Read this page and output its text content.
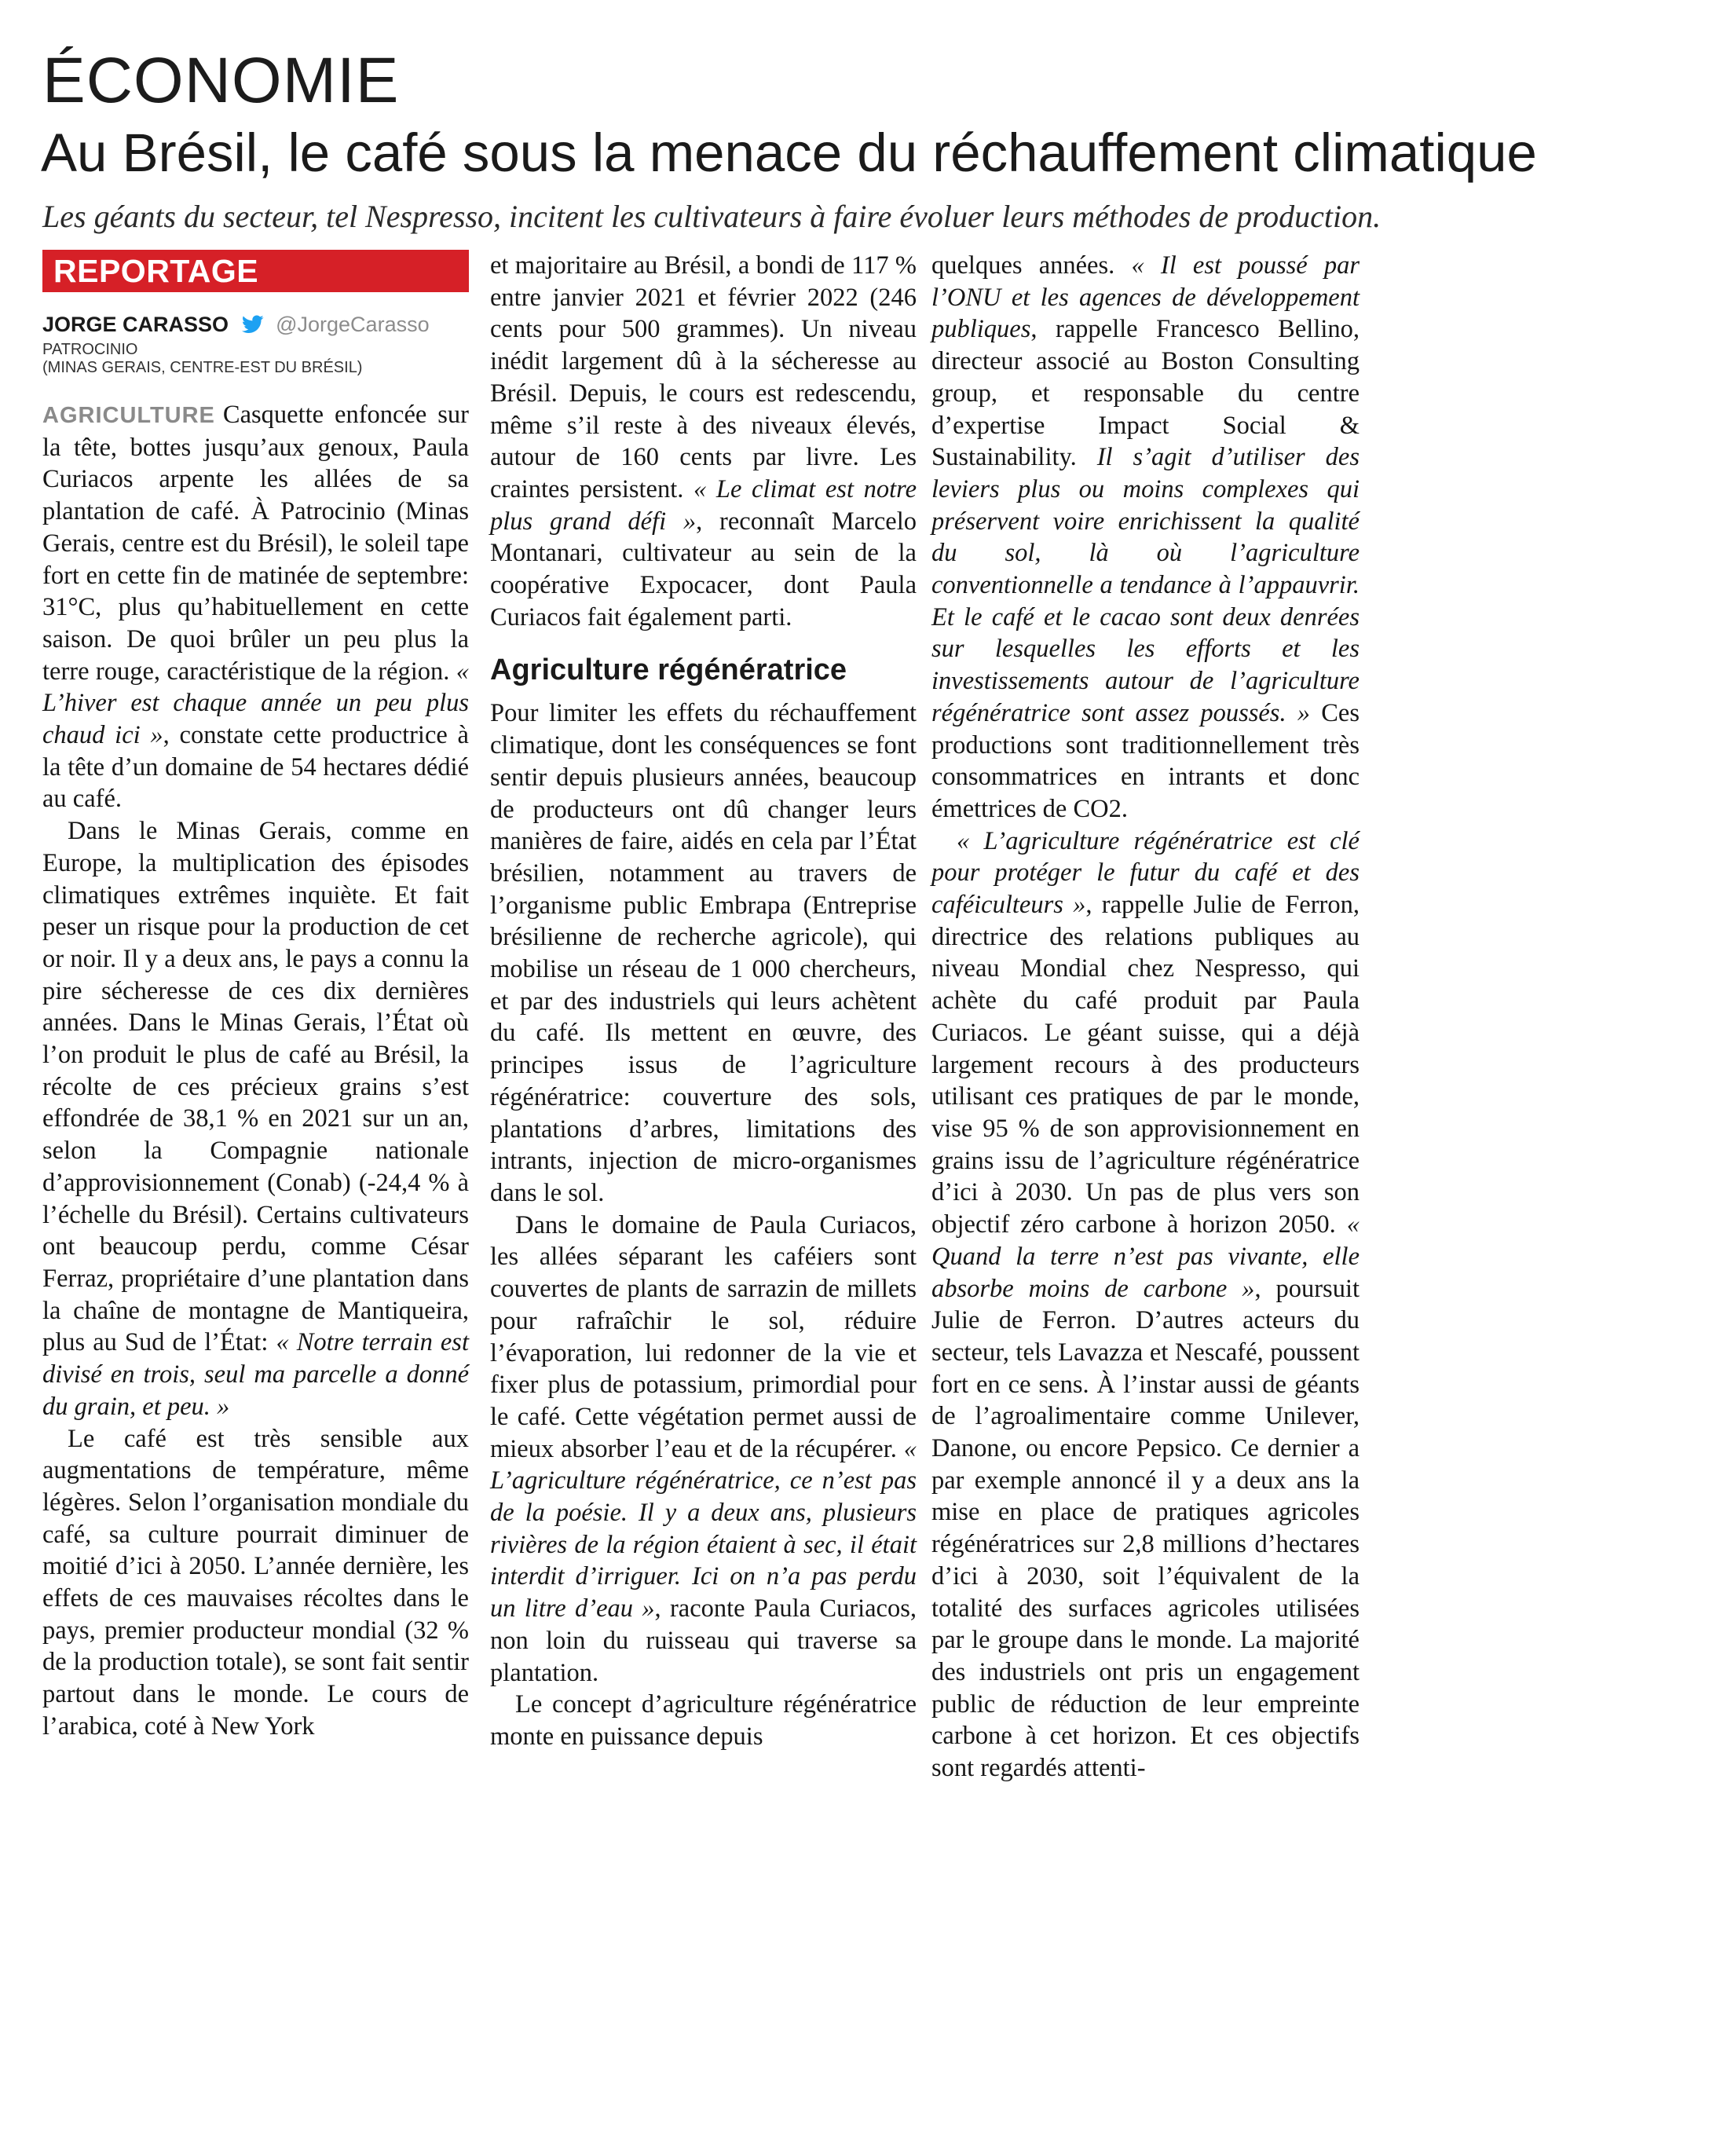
ÉCONOMIE
Au Brésil, le café sous la menace du réchauffement climatique

Les géants du secteur, tel Nespresso, incitent les cultivateurs à faire évoluer leurs méthodes de production.

REPORTAGE
JORGE CARASSO @JorgeCarasso
PATROCINIO
(MINAS GERAIS, CENTRE-EST DU BRÉSIL)

AGRICULTURE Casquette enfoncée sur la tête, bottes jusqu’aux genoux, Paula Curiacos arpente les allées de sa plantation de café. À Patrocinio (Minas Gerais, centre est du Brésil), le soleil tape fort en cette fin de matinée de septembre: 31°C, plus qu’habituellement en cette saison. De quoi brûler un peu plus la terre rouge, caractéristique de la région. « L’hiver est chaque année un peu plus chaud ici », constate cette productrice à la tête d’un domaine de 54 hectares dédié au café.

Dans le Minas Gerais, comme en Europe, la multiplication des épisodes climatiques extrêmes inquiète. Et fait peser un risque pour la production de cet or noir. Il y a deux ans, le pays a connu la pire sécheresse de ces dix dernières années. Dans le Minas Gerais, l’État où l’on produit le plus de café au Brésil, la récolte de ces précieux grains s’est effondrée de 38,1 % en 2021 sur un an, selon la Compagnie nationale d’approvisionnement (Conab) (-24,4 % à l’échelle du Brésil). Certains cultivateurs ont beaucoup perdu, comme César Ferraz, propriétaire d’une plantation dans la chaîne de montagne de Mantiqueira, plus au Sud de l’État: « Notre terrain est divisé en trois, seul ma parcelle a donné du grain, et peu. »

Le café est très sensible aux augmentations de température, même légères. Selon l’organisation mondiale du café, sa culture pourrait diminuer de moitié d’ici à 2050. L’année dernière, les effets de ces mauvaises récoltes dans le pays, premier producteur mondial (32 % de la production totale), se sont fait sentir partout dans le monde. Le cours de l’arabica, coté à New York

et majoritaire au Brésil, a bondi de 117 % entre janvier 2021 et février 2022 (246 cents pour 500 grammes). Un niveau inédit largement dû à la sécheresse au Brésil. Depuis, le cours est redescendu, même s’il reste à des niveaux élevés, autour de 160 cents par livre. Les craintes persistent. « Le climat est notre plus grand défi », reconnaît Marcelo Montanari, cultivateur au sein de la coopérative Expocacer, dont Paula Curiacos fait également parti.

Agriculture régénératrice

Pour limiter les effets du réchauffement climatique, dont les conséquences se font sentir depuis plusieurs années, beaucoup de producteurs ont dû changer leurs manières de faire, aidés en cela par l’État brésilien, notamment au travers de l’organisme public Embrapa (Entreprise brésilienne de recherche agricole), qui mobilise un réseau de 1 000 chercheurs, et par des industriels qui leurs achètent du café. Ils mettent en œuvre, des principes issus de l’agriculture régénératrice: couverture des sols, plantations d’arbres, limitations des intrants, injection de micro-organismes dans le sol.

Dans le domaine de Paula Curiacos, les allées séparant les caféiers sont couvertes de plants de sarrazin de millets pour rafraîchir le sol, réduire l’évaporation, lui redonner de la vie et fixer plus de potassium, primordial pour le café. Cette végétation permet aussi de mieux absorber l’eau et de la récupérer. « L’agriculture régénératrice, ce n’est pas de la poésie. Il y a deux ans, plusieurs rivières de la région étaient à sec, il était interdit d’irriguer. Ici on n’a pas perdu un litre d’eau », raconte Paula Curiacos, non loin du ruisseau qui traverse sa plantation.

Le concept d’agriculture régénératrice monte en puissance depuis

quelques années. « Il est poussé par l’ONU et les agences de développement publiques, rappelle Francesco Bellino, directeur associé au Boston Consulting group, et responsable du centre d’expertise Impact Social & Sustainability. Il s’agit d’utiliser des leviers plus ou moins complexes qui préservent voire enrichissent la qualité du sol, là où l’agriculture conventionnelle a tendance à l’appauvrir. Et le café et le cacao sont deux denrées sur lesquelles les efforts et les investissements autour de l’agriculture régénératrice sont assez poussés. » Ces productions sont traditionnellement très consommatrices en intrants et donc émettrices de CO2.

« L’agriculture régénératrice est clé pour protéger le futur du café et des caféiculteurs », rappelle Julie de Ferron, directrice des relations publiques au niveau Mondial chez Nespresso, qui achète du café produit par Paula Curiacos. Le géant suisse, qui a déjà largement recours à des producteurs utilisant ces pratiques de par le monde, vise 95 % de son approvisionnement en grains issu de l’agriculture régénératrice d’ici à 2030. Un pas de plus vers son objectif zéro carbone à horizon 2050. « Quand la terre n’est pas vivante, elle absorbe moins de carbone », poursuit Julie de Ferron. D’autres acteurs du secteur, tels Lavazza et Nescafé, poussent fort en ce sens. À l’instar aussi de géants de l’agroalimentaire comme Unilever, Danone, ou encore Pepsico. Ce dernier a par exemple annoncé il y a deux ans la mise en place de pratiques agricoles régénératrices sur 2,8 millions d’hectares d’ici à 2030, soit l’équivalent de la totalité des surfaces agricoles utilisées par le groupe dans le monde. La majorité des industriels ont pris un engagement public de réduction de leur empreinte carbone à cet horizon. Et ces objectifs sont regardés attenti-
